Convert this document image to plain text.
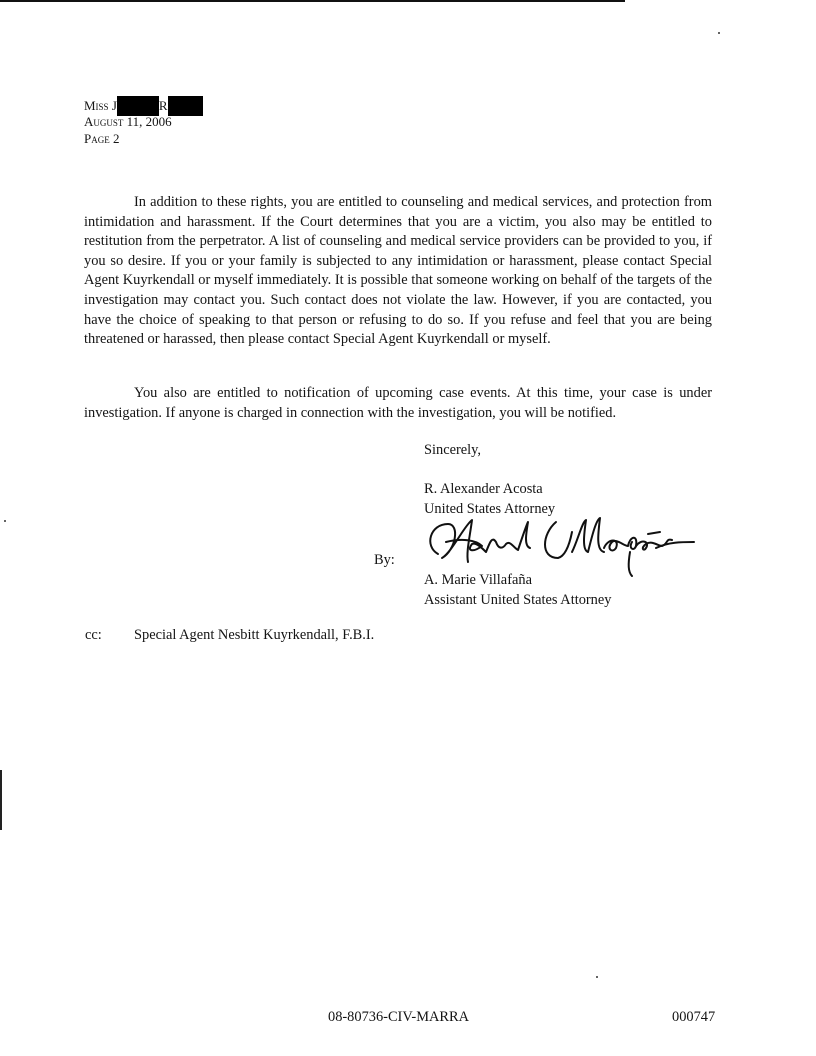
Miss J	R
August 11, 2006
Page 2

In addition to these rights, you are entitled to counseling and medical services, and protection from intimidation and harassment. If the Court determines that you are a victim, you also may be entitled to restitution from the perpetrator. A list of counseling and medical service providers can be provided to you, if you so desire. If you or your family is subjected to any intimidation or harassment, please contact Special Agent Kuyrkendall or myself immediately. It is possible that someone working on behalf of the targets of the investigation may contact you. Such contact does not violate the law. However, if you are contacted, you have the choice of speaking to that person or refusing to do so. If you refuse and feel that you are being threatened or harassed, then please contact Special Agent Kuyrkendall or myself.

You also are entitled to notification of upcoming case events. At this time, your case is under investigation. If anyone is charged in connection with the investigation, you will be notified.

Sincerely,
R. Alexander Acosta
United States Attorney
By:
A. Marie Villafaña
Assistant United States Attorney
cc: Special Agent Nesbitt Kuyrkendall, F.B.I.
08-80736-CIV-MARRA	000747
